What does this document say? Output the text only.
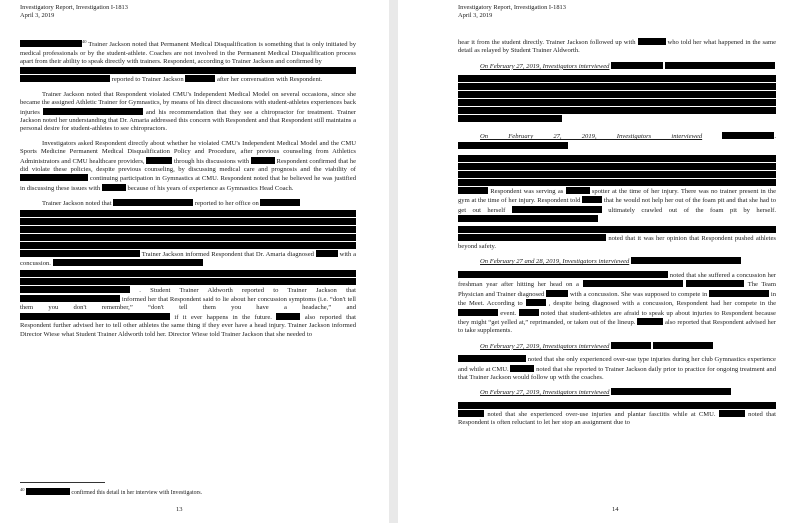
Investigatory Report, Investigation I-1813
April 3, 2019

$^{40}$ Trainer Jackson noted that Permanent Medical Disqualification is something that is only initiated by medical professionals or by the student-athlete. Coaches are not involved in the Permanent Medical Disqualification process apart from their ability to speak directly with trainers. Respondent, according to Trainer Jackson and confirmed by
reported to Trainer Jackson	after her conversation with Respondent.

Trainer Jackson noted that Respondent violated CMU's Independent Medical Model on several occasions, since she became the assigned Athletic Trainer for Gymnastics, by means of his direct discussions with student-athletes experiences back injuries	and his recommendation that they see a chiropractor for treatment. Trainer Jackson noted her understanding that Dr. Amaria addressed this concern with Respondent and that Respondent still maintains a personal desire for student-athletes to see chiropractors.

Investigators asked Respondent directly about whether he violated CMU's Independent Medical Model and the CMU Sports Medicine Permanent Medical Disqualification Policy and Procedure, after previous counseling from Athletics Administrators and CMU healthcare providers,	through his discussions with	Respondent confirmed that he did violate these policies, despite previous counseling, by discussing medical care and prognosis and the viability of  continuing participation in Gymnastics at CMU. Respondent noted that he believed he was justified in discussing these issues with	because of his years of experience as Gymnastics Head Coach.

Trainer Jackson noted that	reported to her office on
Trainer Jackson informed Respondent that Dr. Amaria diagnosed	with a concussion.
. Student Trainer Aldworth reported to Trainer Jackson that  informed her that Respondent said to lie about her concussion symptoms (i.e. “don't tell them you don't remember,” “don't tell them you have a headache,” and  if it ever happens in the future.	also reported that Respondent further advised her to tell other athletes the same thing if they ever have a head injury. Trainer Jackson informed Director Wiese what Student Trainer Aldworth told her. Director Wiese told Trainer Jackson that she needed to

$^{40}$  confirmed this detail in her interview with Investigators.
13
Investigatory Report, Investigation I-1813
April 3, 2019

hear it from the student directly. Trainer Jackson followed up with	who told her what happened in the same detail as relayed by Student Trainer Aldworth.

On February 27, 2019, Investigators interviewed
On February 27, 2019, Investigators interviewed	.

Respondent was serving as	spotter at the time of her injury. There was no trainer present in the gym at the time of her injury. Respondent told	that he would not help her out of the foam pit and that she had to get out herself	ultimately crawled out of the foam pit by herself.
noted that it was her opinion that Respondent pushed athletes beyond safety.

On February 27 and 28, 2019, Investigators interviewed

noted that she suffered a concussion her freshman year after hitting her head on a	The Team Physician and Trainer diagnosed	with a concussion. She was supposed to compete in	in the Meet. According to	, despite being diagnosed with a concussion, Respondent had her compete in the  event.	noted that student-athletes are afraid to speak up about injuries to Respondent because they might “get yelled at,” reprimanded, or taken out of the lineup.	also reported that Respondent advised her to take supplements.

On February 27, 2019, Investigators interviewed

noted that she only experienced over-use type injuries during her club Gymnastics experience and while at CMU.	noted that she reported to Trainer Jackson daily prior to practice for ongoing treatment and that Trainer Jackson would follow up with the coaches.

On February 27, 2019, Investigators interviewed

noted that she experienced over-use injuries and plantar fasciitis while at CMU.	noted that Respondent is often reluctant to let her stop an assignment due to

14
